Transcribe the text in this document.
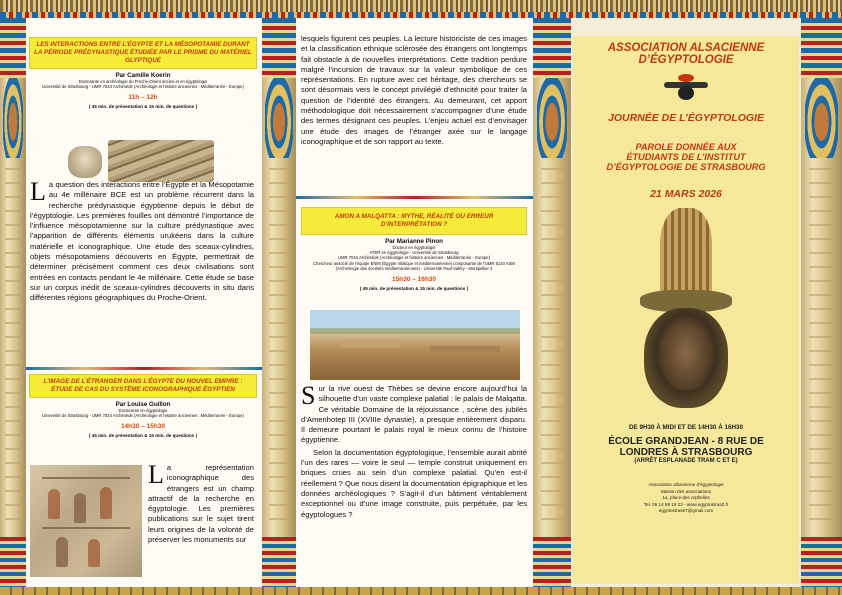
LES INTERACTIONS ENTRE L’ÉGYPTE ET LA MÉSOPOTAMIE DURANT LA PÉRIODE PRÉDYNASTIQUE ÉTUDIÉE PAR LE PRISME DU MATÉRIEL GLYPTIQUE
Par Camille Koerin
Doctorante en archéologie du Proche-Orient ancien et en égyptologie
Université de Strasbourg - UMR 7044 Archimède (Archéologie et histoire anciennes : Méditerranée - Europe)
11h – 12h
( 45 min. de présentation & 15 min. de questions )
La question des interactions entre l’Égypte et la Mésopotamie au 4e millénaire BCE est un problème récurrent dans la recherche prédynastique égyptienne depuis le début de l’égyptologie. Les premières fouilles ont démontré l’importance de l’influence mésopotamienne sur la culture prédynastique avec l’apparition de différents éléments urukéens dans la culture matérielle et iconographique. Une étude des sceaux-cylindres, objets mésopotamiens découverts en Égypte, permettrait de déterminer précisément comment ces deux civilisations sont entrées en contacts pendant le 4e millénaire. Cette étude se base sur un corpus inédit de sceaux-cylindres découverts in situ dans différentes régions géographiques du Proche-Orient.
L’IMAGE DE L’ÉTRANGER DANS L’ÉGYPTE DU NOUVEL EMPIRE : ÉTUDE DE CAS DU SYSTÈME ICONOGRAPHIQUE ÉGYPTIEN
Par Louise Guillon
Doctorante en égyptologie
Université de Strasbourg - UMR 7044 Archimède (Archéologie et histoire anciennes : Méditerranée - Europe)
14h30 – 15h30
( 45 min. de présentation & 15 min. de questions )
La représentation iconographique des étrangers est un champ attractif de la recherche en égyptologie. Les premières publications sur le sujet tirent leurs origines de la volonté de préserver les monuments sur
lesquels figurent ces peuples. La lecture historiciste de ces images et la classification ethnique sclérosée des étrangers ont longtemps fait obstacle à de nouvelles interprétations. Cette tradition perdure malgré l’incursion de travaux sur la valeur symbolique de ces représentations. En rupture avec cet héritage, des chercheurs se sont désormais vers le concept privilégié d’ethnicité pour traiter la question de l’identité des étrangers. Au demeurant, cet apport méthodologique doit nécessairement s’accompagner d’une étude des termes désignant ces peuples. L’enjeu actuel est d’envisager une étude des images de l’étranger axée sur le langage iconographique et de son rapport au texte.
AMON A MALQATTA : MYTHE, RÉALITÉ OU ERREUR D’INTERPRÉTATION ?
Par Marianne Pinon
Docteur en égyptologie
ATER en égyptologie - Université de Strasbourg
UMR 7044 Archimède (Archéologie et histoire anciennes : Méditerranée - Europe)
Chercheur associé de l’équipe ENiM (Égypte nilotique et méditerranéenne) composante de l’UMR 5140 ASM (Archéologie des sociétés méditerranéennes) - Université Paul-Valéry - Montpellier 3
15h30 – 16h30
( 45 min. de présentation & 15 min. de questions )
Sur la rive ouest de Thèbes se devine encore aujourd’hui la silhouette d’un vaste complexe palatial : le palais de Malqatta. Ce véritable Domaine de la réjouissance , scène des jubilés d’Amenhotep III (XVIIIe dynastie), a presque entièrement disparu. Il demeure pourtant le palais royal le mieux connu de l’histoire égyptienne.
Selon la documentation égyptologique, l’ensemble aurait abrité l’un des rares — voire le seul — temple construit uniquement en briques crues au sein d’un complexe palatial. Qu’en est-il réellement ? Que nous disent la documentation épigraphique et les données archéologiques ? S’agit-il d’un bâtiment véritablement exceptionnel ou d’une image construite, puis perpétuée, par les égyptologues ?
ASSOCIATION ALSACIENNE
D’ÉGYPTOLOGIE
JOURNÉE DE L’ÉGYPTOLOGIE
PAROLE DONNÉE AUX
ÉTUDIANTS DE L’INSTITUT
D’ÉGYPTOLOGIE DE STRASBOURG
21 MARS 2026
DE 9H30 À MIDI ET DE 14H30 À 16H30
ÉCOLE GRANDJEAN - 8 RUE DE
LONDRES À STRASBOURG
(ARRÊT ESPLANADE TRAM C ET E)
Association alsacienne d’égyptologie
Maison des associations
1a, place des orphelins
Tel. 06 14 99 19 22 - www.egyptostras2.fr
egyptostras67@gmail.com
